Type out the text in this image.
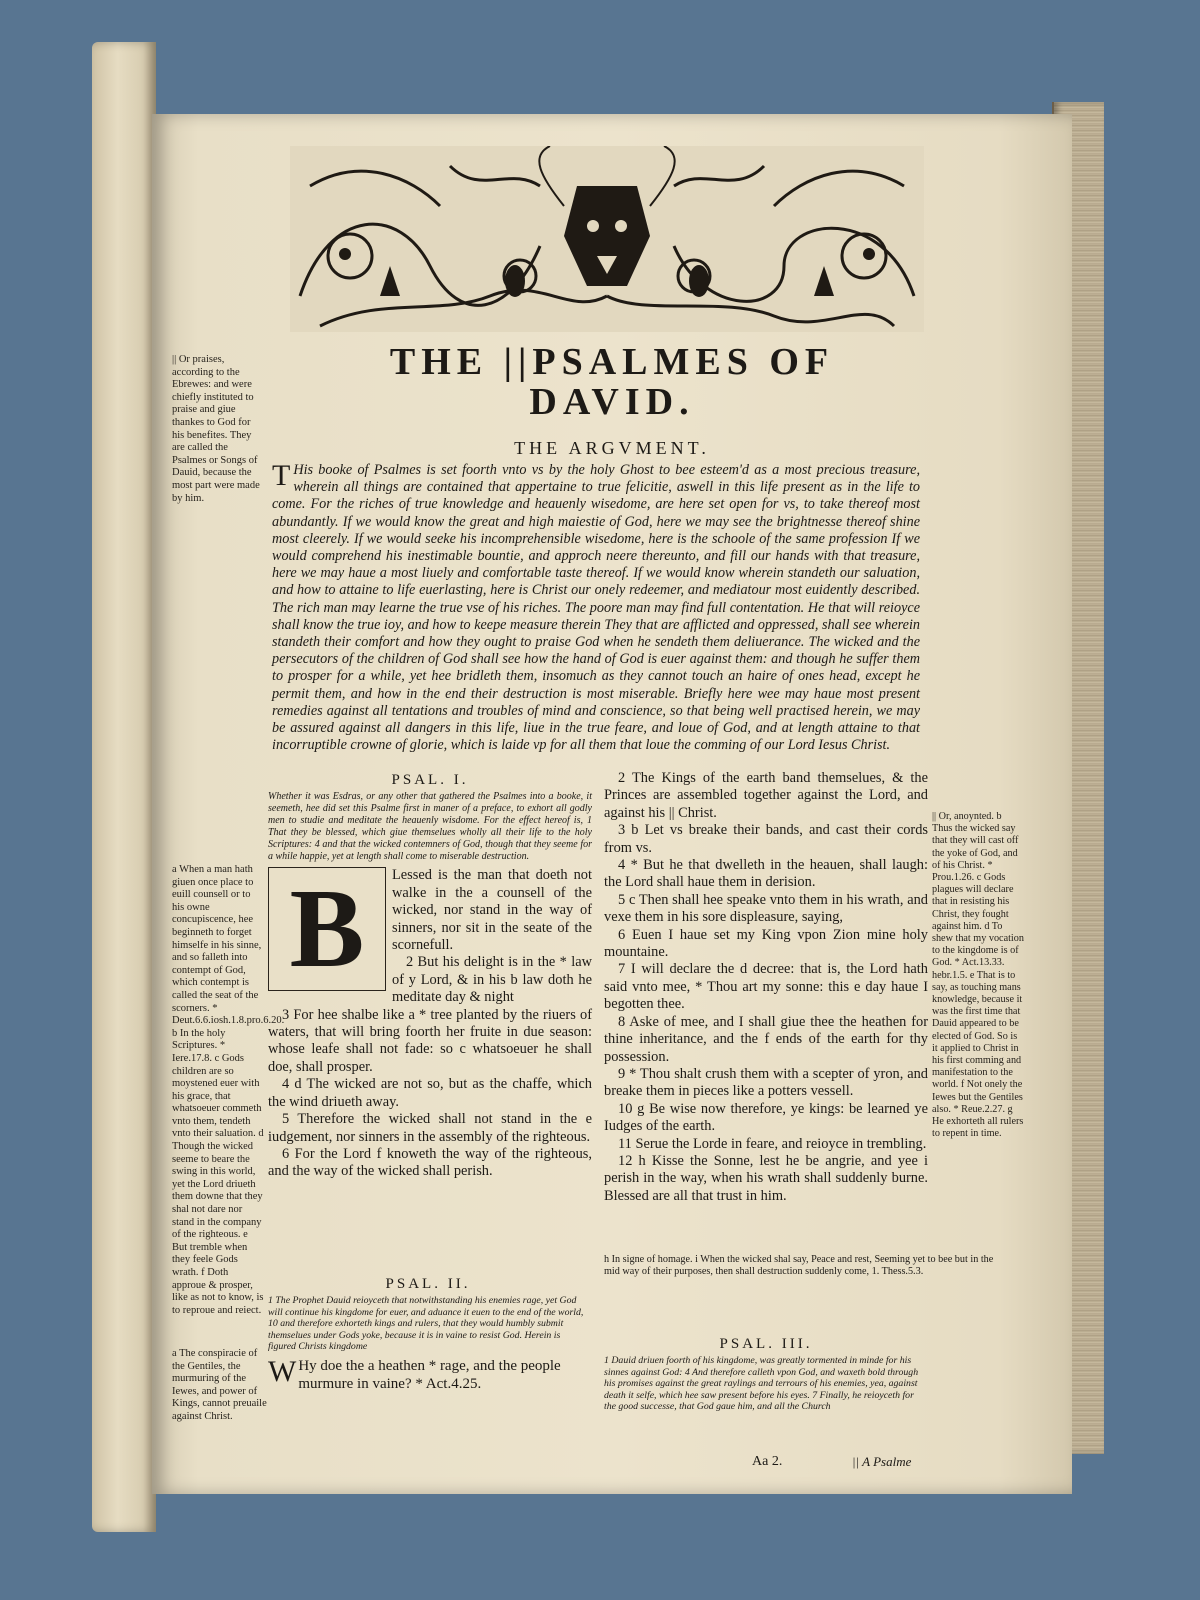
THE ||PSALMES OF
DAVID.
THE ARGVMENT.
T His booke of Psalmes is set foorth vnto vs by the holy Ghost to bee esteem'd as a most precious treasure, wherein all things are contained that appertaine to true felicitie, aswell in this life present as in the life to come. For the riches of true knowledge and heauenly wisedome, are here set open for vs, to take thereof most abundantly. If we would know the great and high maiestie of God, here we may see the brightnesse thereof shine most cleerely. If we would seeke his incomprehensible wisedome, here is the schoole of the same profession If we would comprehend his inestimable bountie, and approch neere thereunto, and fill our hands with that treasure, here we may haue a most liuely and comfortable taste thereof. If we would know wherein standeth our saluation, and how to attaine to life euerlasting, here is Christ our onely redeemer, and mediatour most euidently described. The rich man may learne the true vse of his riches. The poore man may find full contentation. He that will reioyce shall know the true ioy, and how to keepe measure therein They that are afflicted and oppressed, shall see wherein standeth their comfort and how they ought to praise God when he sendeth them deliuerance. The wicked and the persecutors of the children of God shall see how the hand of God is euer against them: and though he suffer them to prosper for a while, yet hee bridleth them, insomuch as they cannot touch an haire of ones head, except he permit them, and how in the end their destruction is most miserable. Briefly here wee may haue most present remedies against all tentations and troubles of mind and conscience, so that being well practised herein, we may be assured against all dangers in this life, liue in the true feare, and loue of God, and at length attaine to that incorruptible crowne of glorie, which is laide vp for all them that loue the comming of our Lord Iesus Christ.
|| Or praises, according to the Ebrewes: and were chiefly instituted to praise and giue thankes to God for his benefites. They are called the Psalmes or Songs of Dauid, because the most part were made by him.
a When a man hath giuen once place to euill counsell or to his owne concupiscence, hee beginneth to forget himselfe in his sinne, and so falleth into contempt of God, which contempt is called the seat of the scorners. * Deut.6.6.iosh.1.8.pro.6.20. b In the holy Scriptures. * Iere.17.8. c Gods children are so moystened euer with his grace, that whatsoeuer commeth vnto them, tendeth vnto their saluation. d Though the wicked seeme to beare the swing in this world, yet the Lord driueth them downe that they shal not dare nor stand in the company of the righteous. e But tremble when they feele Gods wrath. f Doth approue & prosper, like as not to know, is to reproue and reiect.
a The conspiracie of the Gentiles, the murmuring of the Iewes, and power of Kings, cannot preuaile against Christ.
|| Or, anoynted. b Thus the wicked say that they will cast off the yoke of God, and of his Christ. * Prou.1.26. c Gods plagues will declare that in resisting his Christ, they fought against him. d To shew that my vocation to the kingdome is of God. * Act.13.33. hebr.1.5. e That is to say, as touching mans knowledge, because it was the first time that Dauid appeared to be elected of God. So is it applied to Christ in his first comming and manifestation to the world. f Not onely the Iewes but the Gentiles also. * Reue.2.27. g He exhorteth all rulers to repent in time.
PSAL. I.
Whether it was Esdras, or any other that gathered the Psalmes into a booke, it seemeth, hee did set this Psalme first in maner of a preface, to exhort all godly men to studie and meditate the heauenly wisdome. For the effect hereof is, 1 That they be blessed, which giue themselues wholly all their life to the holy Scriptures: 4 and that the wicked contemners of God, though that they seeme for a while happie, yet at length shall come to miserable destruction.
B	Lessed is the man that doeth not walke in the a counsell of the wicked, nor stand in the way of sinners, nor sit in the seate of the scornefull.

2 But his delight is in the * law of y Lord, & in his b law doth he meditate day & night

3 For hee shalbe like a * tree planted by the riuers of waters, that will bring foorth her fruite in due season: whose leafe shall not fade: so c whatsoeuer he shall doe, shall prosper.

4 d The wicked are not so, but as the chaffe, which the wind driueth away.

5 Therefore the wicked shall not stand in the e iudgement, nor sinners in the assembly of the righteous.

6 For the Lord f knoweth the way of the righteous, and the way of the wicked shall perish.

2 The Kings of the earth band themselues, & the Princes are assembled together against the Lord, and against his || Christ.

3 b Let vs breake their bands, and cast their cords from vs.

4 * But he that dwelleth in the heauen, shall laugh: the Lord shall haue them in derision.

5 c Then shall hee speake vnto them in his wrath, and vexe them in his sore displeasure, saying,

6 Euen I haue set my King vpon Zion mine holy mountaine.

7 I will declare the d decree: that is, the Lord hath said vnto mee, * Thou art my sonne: this e day haue I begotten thee.

8 Aske of mee, and I shall giue thee the heathen for thine inheritance, and the f ends of the earth for thy possession.

9 * Thou shalt crush them with a scepter of yron, and breake them in pieces like a potters vessell.

10 g Be wise now therefore, ye kings: be learned ye Iudges of the earth.

11 Serue the Lorde in feare, and reioyce in trembling.

12 h Kisse the Sonne, lest he be angrie, and yee i perish in the way, when his wrath shall suddenly burne. Blessed are all that trust in him.

h In signe of homage. i When the wicked shal say, Peace and rest, Seeming yet to bee but in the mid way of their purposes, then shall destruction suddenly come, 1. Thess.5.3.
PSAL. II.
1 The Prophet Dauid reioyceth that notwithstanding his enemies rage, yet God will continue his kingdome for euer, and aduance it euen to the end of the world, 10 and therefore exhorteth kings and rulers, that they would humbly submit themselues under Gods yoke, because it is in vaine to resist God. Herein is figured Christs kingdome
W Hy doe the a heathen * rage, and the people murmure in vaine? * Act.4.25.
PSAL. III.
1 Dauid driuen foorth of his kingdome, was greatly tormented in minde for his sinnes against God: 4 And therefore calleth vpon God, and waxeth bold through his promises against the great raylings and terrours of his enemies, yea, against death it selfe, which hee saw present before his eyes. 7 Finally, he reioyceth for the good successe, that God gaue him, and all the Church
Aa 2.	|| A Psalme
